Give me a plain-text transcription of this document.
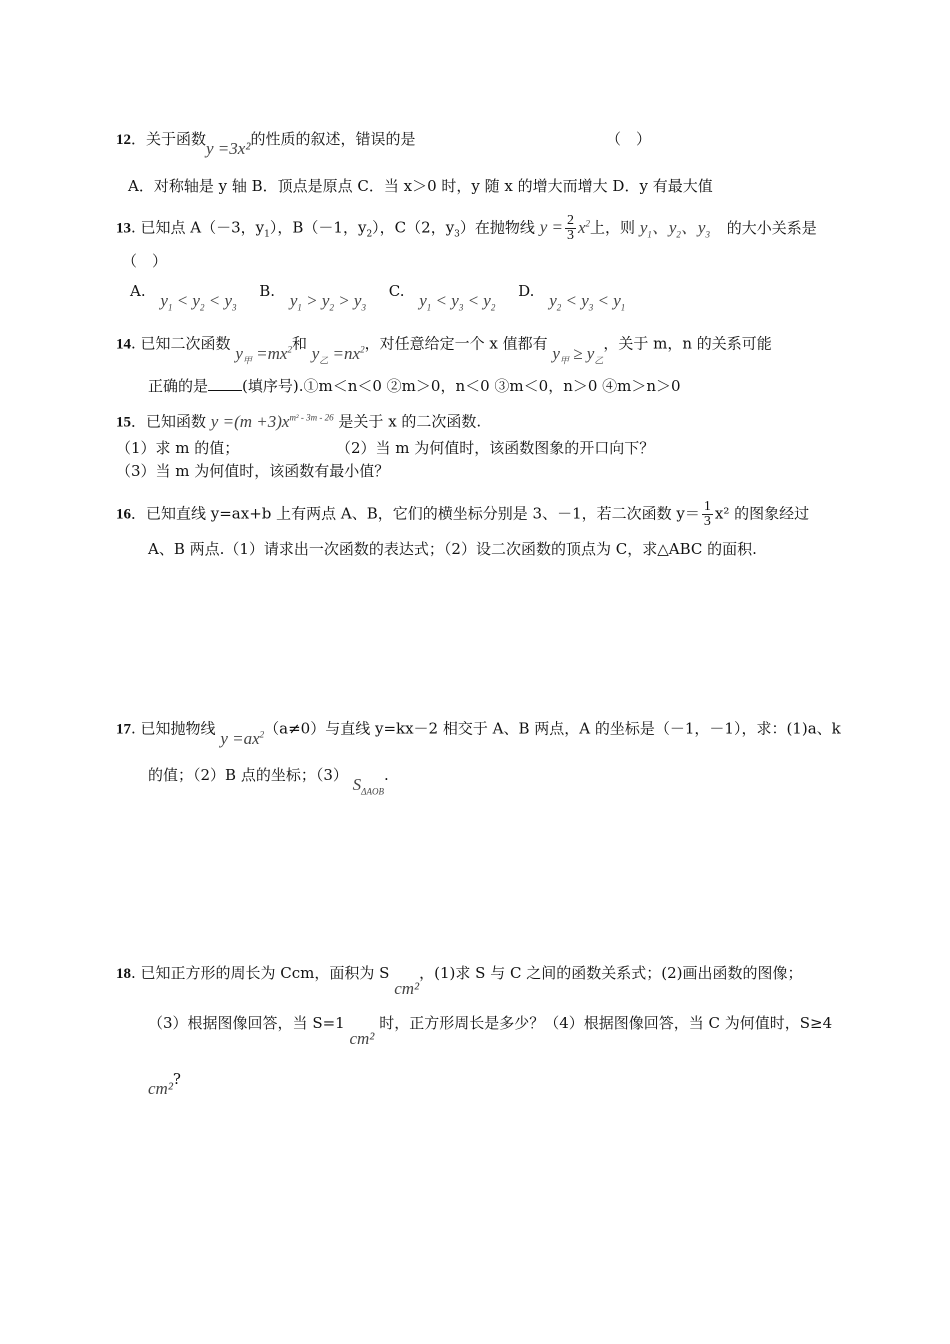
12．关于函数y =3x²的性质的叙述，错误的是	（　）
A．对称轴是 y 轴 B．顶点是原点 C．当 x＞0 时，y 随 x 的增大而增大 D．y 有最大值
13. 已知点 A（－3，$y_1$），B（－1，$y_2$），C（2，$y_3$）在抛物线 $y = \frac{2}{3} x^2$上，则 $y_1$、$y_2$、$y_3$ 的大小关系是
（　）
A. $y_1 < y_2 < y_3$ B. $y_1 > y_2 > y_3$ C. $y_1 < y_3 < y_2$ D. $y_2 < y_3 < y_1$
14. 已知二次函数 $y_甲 =mx^2$和 $y_乙 =nx^2$，对任意给定一个 x 值都有 $y_甲 \ge y_乙$，关于 m，n 的关系可能
正确的是 (填序号).①m＜n＜0 ②m＞0，n＜0 ③m＜0，n＞0 ④m＞n＞0
15．已知函数 $y =(m +3)x^{m^2 - 3m - 26}$ 是关于 x 的二次函数.
（1）求 m 的值；	（2）当 m 为何值时，该函数图象的开口向下？
（3）当 m 为何值时，该函数有最小值？
16．已知直线 y=ax+b 上有两点 A、B，它们的横坐标分别是 3、－1，若二次函数 $y= \frac{1}{3} x^2$ 的图象经过
A、B 两点.（1）请求出一次函数的表达式；（2）设二次函数的顶点为 C，求△ABC 的面积.
17. 已知抛物线 $y =ax^2(a\ne 0)$与直线 y=kx－2 相交于 A、B 两点，A 的坐标是（－1，－1），求：(1)a、k
的值；（2）B 点的坐标；（3） $S_{\Delta AOB}$.
18. 已知正方形的周长为 Ccm，面积为 S cm²，(1)求 S 与 C 之间的函数关系式；(2)画出函数的图像；
（3）根据图像回答，当 S=1 cm² 时，正方形周长是多少？（4）根据图像回答，当 C 为何值时，S≥4
cm²?
